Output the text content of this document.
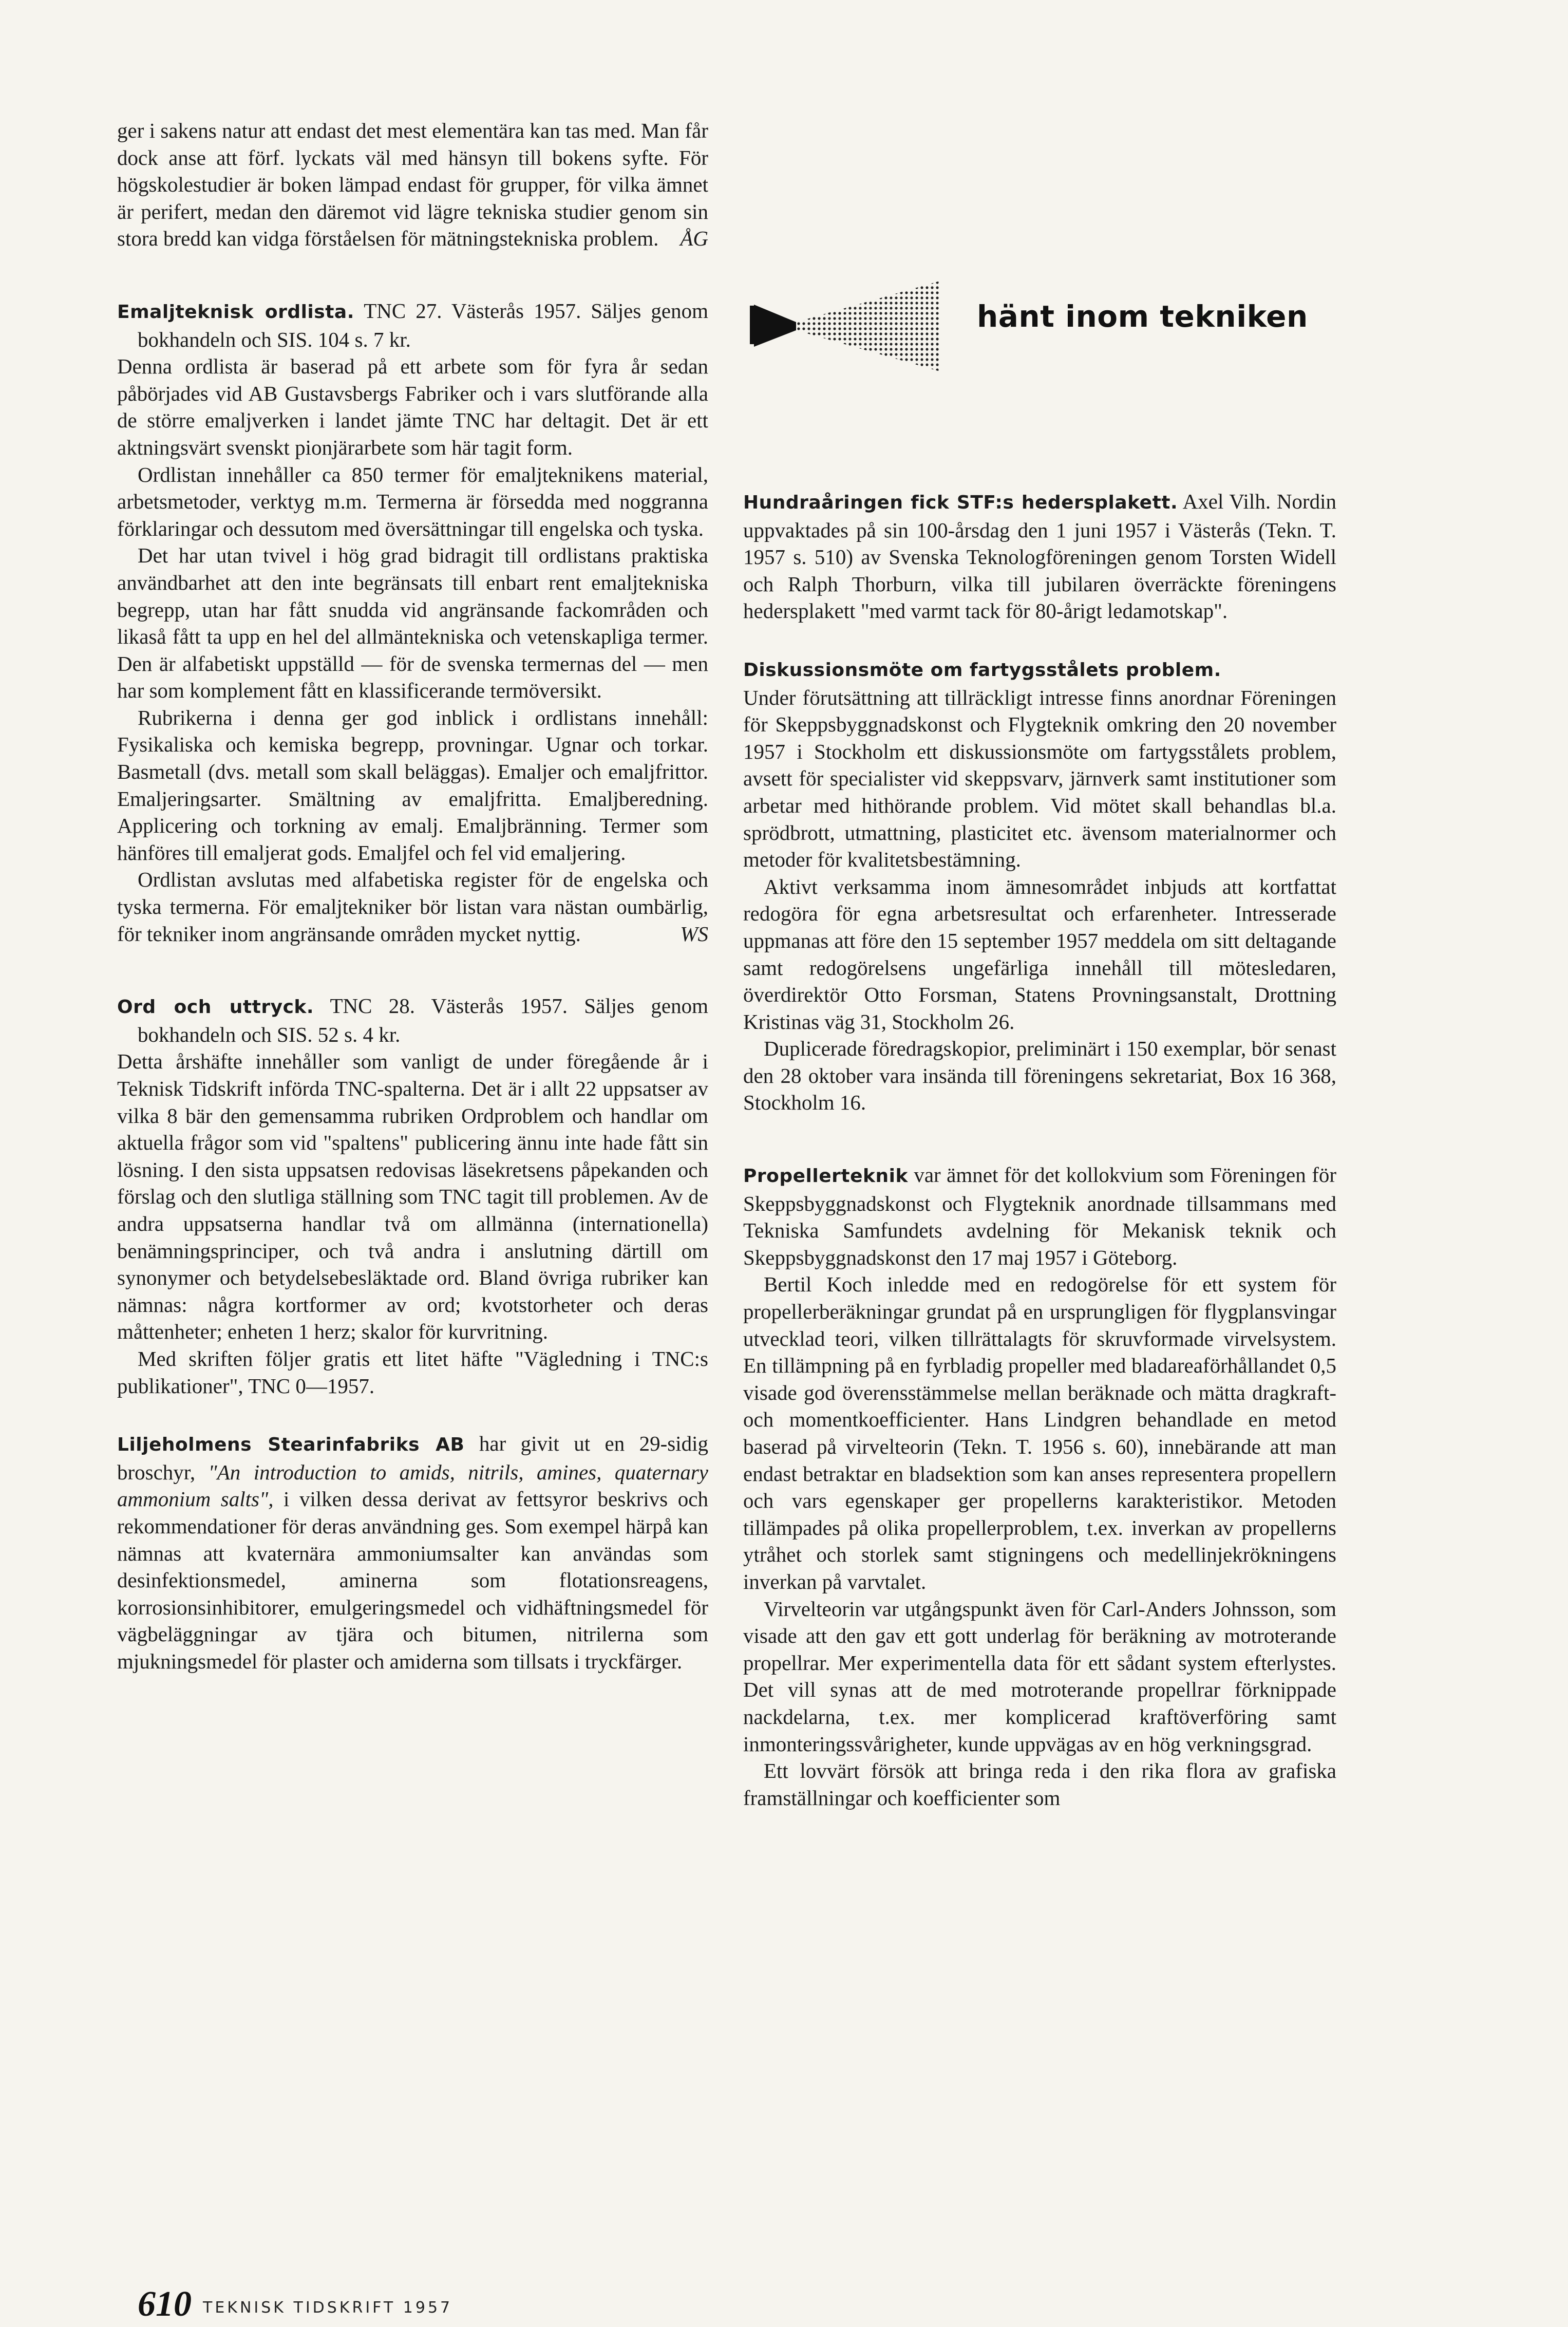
ger i sakens natur att endast det mest elementära kan tas med. Man får dock anse att förf. lyckats väl med hänsyn till bokens syfte. För högskolestudier är boken lämpad endast för grupper, för vilka ämnet är perifert, medan den däremot vid lägre tekniska studier genom sin stora bredd kan vidga förståelsen för mätningstekniska problem. ÅG

Emaljteknisk ordlista. TNC 27. Västerås 1957. Säljes genom bokhandeln och SIS. 104 s. 7 kr.

Denna ordlista är baserad på ett arbete som för fyra år sedan påbörjades vid AB Gustavsbergs Fabriker och i vars slutförande alla de större emaljverken i landet jämte TNC har deltagit. Det är ett aktningsvärt svenskt pionjärarbete som här tagit form.

Ordlistan innehåller ca 850 termer för emaljteknikens material, arbetsmetoder, verktyg m.m. Termerna är försedda med noggranna förklaringar och dessutom med översättningar till engelska och tyska.

Det har utan tvivel i hög grad bidragit till ordlistans praktiska användbarhet att den inte begränsats till enbart rent emaljtekniska begrepp, utan har fått snudda vid angränsande fackområden och likaså fått ta upp en hel del allmäntekniska och vetenskapliga termer. Den är alfabetiskt uppställd — för de svenska termernas del — men har som komplement fått en klassificerande termöversikt.

Rubrikerna i denna ger god inblick i ordlistans innehåll: Fysikaliska och kemiska begrepp, provningar. Ugnar och torkar. Basmetall (dvs. metall som skall beläggas). Emaljer och emaljfrittor. Emaljeringsarter. Smältning av emaljfritta. Emaljberedning. Applicering och torkning av emalj. Emaljbränning. Termer som hänföres till emaljerat gods. Emaljfel och fel vid emaljering.

Ordlistan avslutas med alfabetiska register för de engelska och tyska termerna. För emaljtekniker bör listan vara nästan oumbärlig, för tekniker inom angränsande områden mycket nyttig.	WS

Ord och uttryck. TNC 28. Västerås 1957. Säljes genom bokhandeln och SIS. 52 s. 4 kr.

Detta årshäfte innehåller som vanligt de under föregående år i Teknisk Tidskrift införda TNC-spalterna. Det är i allt 22 uppsatser av vilka 8 bär den gemensamma rubriken Ordproblem och handlar om aktuella frågor som vid "spaltens" publicering ännu inte hade fått sin lösning. I den sista uppsatsen redovisas läsekretsens påpekanden och förslag och den slutliga ställning som TNC tagit till problemen. Av de andra uppsatserna handlar två om allmänna (internationella) benämningsprinciper, och två andra i anslutning därtill om synonymer och betydelsebesläktade ord. Bland övriga rubriker kan nämnas: några kortformer av ord; kvotstorheter och deras måttenheter; enheten 1 herz; skalor för kurvritning.

Med skriften följer gratis ett litet häfte "Vägledning i TNC:s publikationer", TNC 0—1957.

Liljeholmens Stearinfabriks AB har givit ut en 29-sidig broschyr, "An introduction to amids, nitrils, amines, quaternary ammonium salts", i vilken dessa derivat av fettsyror beskrivs och rekommendationer för deras användning ges. Som exempel härpå kan nämnas att kvaternära ammoniumsalter kan användas som desinfektionsmedel, aminerna som flotationsreagens, korrosionsinhibitorer, emulgeringsmedel och vidhäftningsmedel för vägbeläggningar av tjära och bitumen, nitrilerna som mjukningsmedel för plaster och amiderna som tillsats i tryckfärger.

hänt inom tekniken

Hundraåringen fick STF:s hedersplakett. Axel Vilh. Nordin uppvaktades på sin 100-årsdag den 1 juni 1957 i Västerås (Tekn. T. 1957 s. 510) av Svenska Teknologföreningen genom Torsten Widell och Ralph Thorburn, vilka till jubilaren överräckte föreningens hedersplakett "med varmt tack för 80-årigt ledamotskap".

Diskussionsmöte om fartygsstålets problem.

Under förutsättning att tillräckligt intresse finns anordnar Föreningen för Skeppsbyggnadskonst och Flygteknik omkring den 20 november 1957 i Stockholm ett diskussionsmöte om fartygsstålets problem, avsett för specialister vid skeppsvarv, järnverk samt institutioner som arbetar med hithörande problem. Vid mötet skall behandlas bl.a. sprödbrott, utmattning, plasticitet etc. ävensom materialnormer och metoder för kvalitetsbestämning.

Aktivt verksamma inom ämnesområdet inbjuds att kortfattat redogöra för egna arbetsresultat och erfarenheter. Intresserade uppmanas att före den 15 september 1957 meddela om sitt deltagande samt redogörelsens ungefärliga innehåll till mötesledaren, överdirektör Otto Forsman, Statens Provningsanstalt, Drottning Kristinas väg 31, Stockholm 26.

Duplicerade föredragskopior, preliminärt i 150 exemplar, bör senast den 28 oktober vara insända till föreningens sekretariat, Box 16 368, Stockholm 16.

Propellerteknik var ämnet för det kollokvium som Föreningen för Skeppsbyggnadskonst och Flygteknik anordnade tillsammans med Tekniska Samfundets avdelning för Mekanisk teknik och Skeppsbyggnadskonst den 17 maj 1957 i Göteborg.

Bertil Koch inledde med en redogörelse för ett system för propellerberäkningar grundat på en ursprungligen för flygplansvingar utvecklad teori, vilken tillrättalagts för skruvformade virvelsystem. En tillämpning på en fyrbladig propeller med bladareaförhållandet 0,5 visade god överensstämmelse mellan beräknade och mätta dragkraft- och momentkoefficienter. Hans Lindgren behandlade en metod baserad på virvelteorin (Tekn. T. 1956 s. 60), innebärande att man endast betraktar en bladsektion som kan anses representera propellern och vars egenskaper ger propellerns karakteristikor. Metoden tillämpades på olika propellerproblem, t.ex. inverkan av propellerns ytråhet och storlek samt stigningens och medellinjekrökningens inverkan på varvtalet.

Virvelteorin var utgångspunkt även för Carl-Anders Johnsson, som visade att den gav ett gott underlag för beräkning av motroterande propellrar. Mer experimentella data för ett sådant system efterlystes. Det vill synas att de med motroterande propellrar förknippade nackdelarna, t.ex. mer komplicerad kraftöverföring samt inmonteringssvårigheter, kunde uppvägas av en hög verkningsgrad.

Ett lovvärt försök att bringa reda i den rika flora av grafiska framställningar och koefficienter som

610 TEKNISK TIDSKRIFT 1957
